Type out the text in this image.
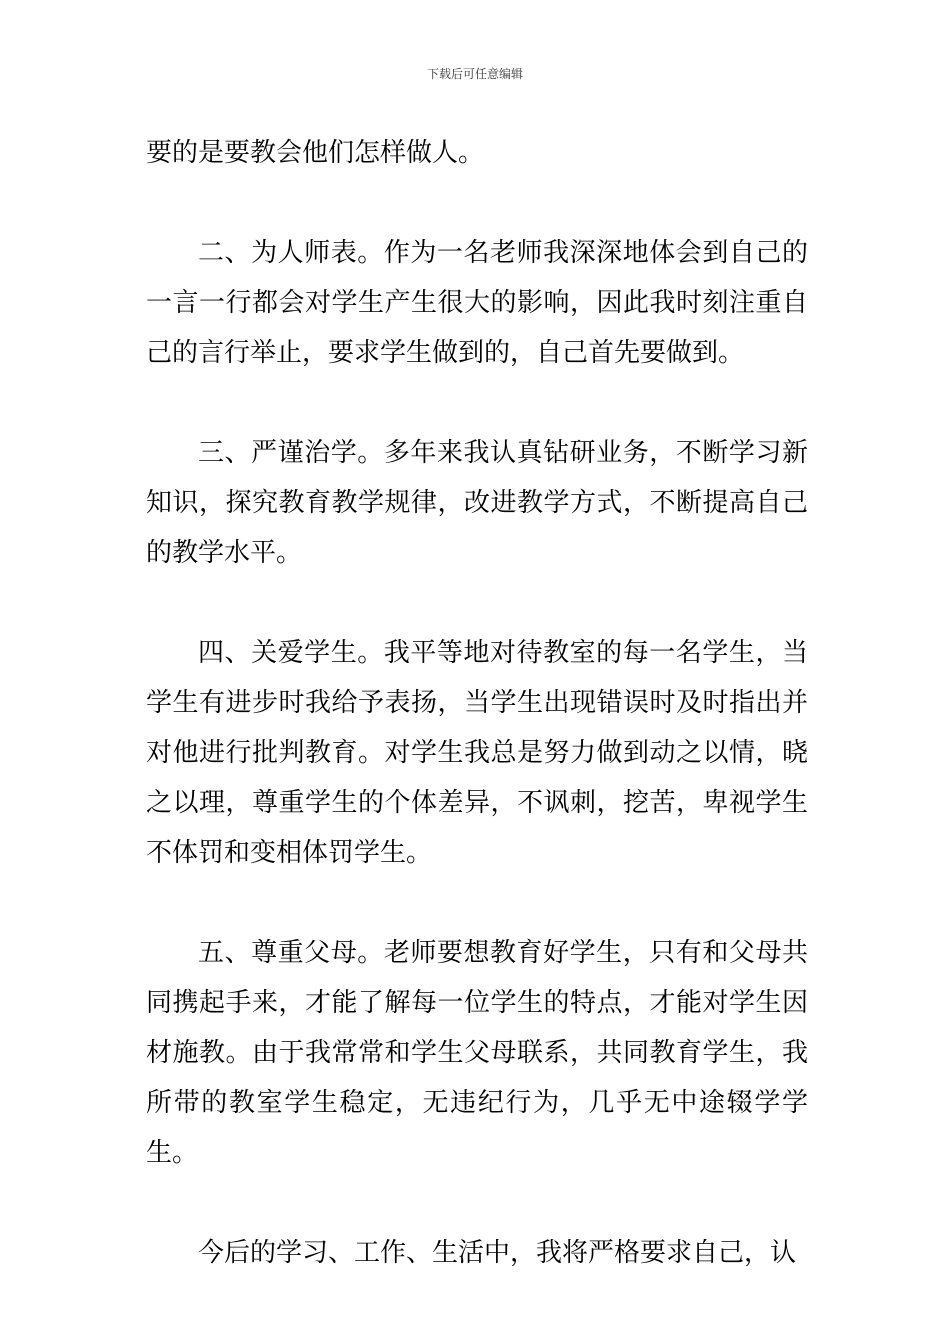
下载后可任意编辑

要的是要教会他们怎样做人。

二、为人师表。作为一名老师我深深地体会到自己的一言一行都会对学生产生很大的影响，因此我时刻注重自己的言行举止，要求学生做到的，自己首先要做到。

三、严谨治学。多年来我认真钻研业务，不断学习新知识，探究教育教学规律，改进教学方式，不断提高自己的教学水平。

四、关爱学生。我平等地对待教室的每一名学生，当学生有进步时我给予表扬，当学生出现错误时及时指出并对他进行批判教育。对学生我总是努力做到动之以情，晓之以理，尊重学生的个体差异，不讽刺，挖苦，卑视学生不体罚和变相体罚学生。

五、尊重父母。老师要想教育好学生，只有和父母共同携起手来，才能了解每一位学生的特点，才能对学生因材施教。由于我常常和学生父母联系，共同教育学生，我所带的教室学生稳定，无违纪行为，几乎无中途辍学学生。

今后的学习、工作、生活中，我将严格要求自己，认
